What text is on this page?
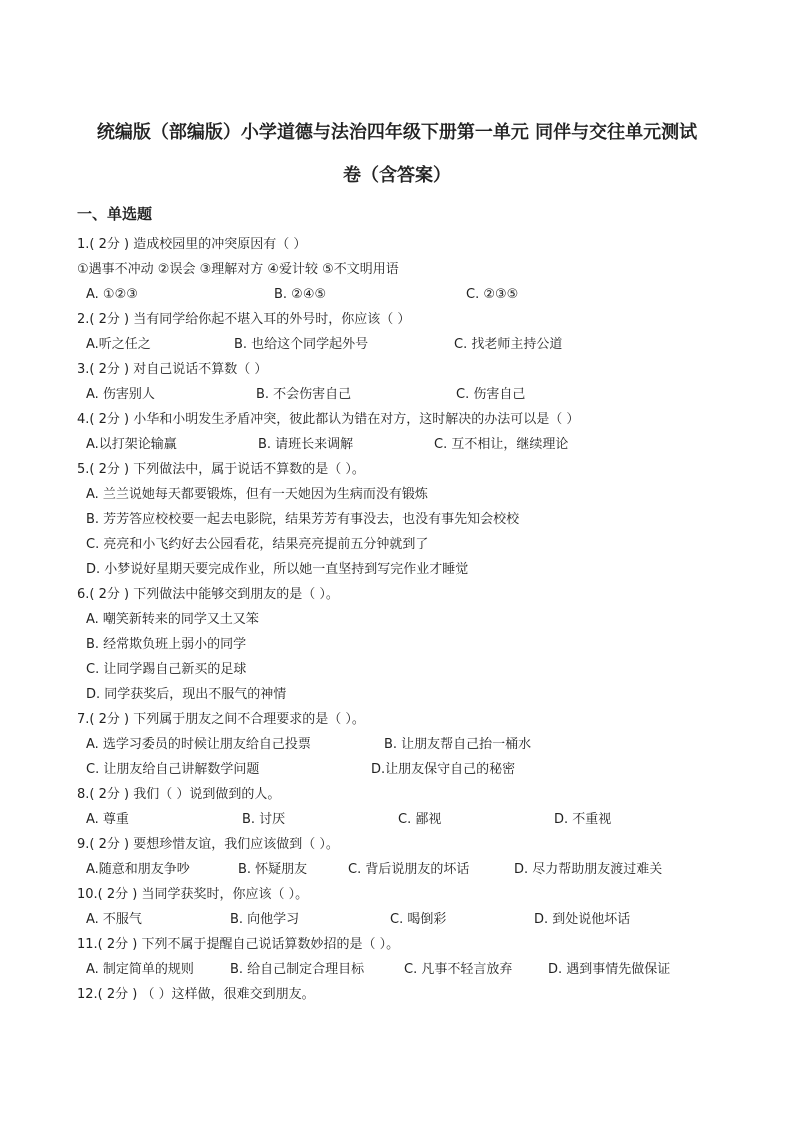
统编版（部编版）小学道德与法治四年级下册第一单元 同伴与交往单元测试
卷（含答案）
一、单选题
1.( 2分 ) 造成校园里的冲突原因有（ ）
①遇事不冲动 ②误会 ③理解对方 ④爱计较 ⑤不文明用语
A. ①②③	B. ②④⑤	C. ②③⑤
2.( 2分 ) 当有同学给你起不堪入耳的外号时，你应该（ ）
A.听之任之	B. 也给这个同学起外号	C. 找老师主持公道
3.( 2分 ) 对自己说话不算数（ ）
A. 伤害别人	B. 不会伤害自己	C. 伤害自己
4.( 2分 ) 小华和小明发生矛盾冲突，彼此都认为错在对方，这时解决的办法可以是（ ）
A.以打架论输赢	B. 请班长来调解	C. 互不相让，继续理论
5.( 2分 ) 下列做法中，属于说话不算数的是（ ）。
A. 兰兰说她每天都要锻炼，但有一天她因为生病而没有锻炼
B. 芳芳答应校校要一起去电影院，结果芳芳有事没去，也没有事先知会校校
C. 亮亮和小飞约好去公园看花，结果亮亮提前五分钟就到了
D. 小梦说好星期天要完成作业，所以她一直坚持到写完作业才睡觉
6.( 2分 ) 下列做法中能够交到朋友的是（ ）。
A. 嘲笑新转来的同学又土又笨
B. 经常欺负班上弱小的同学
C. 让同学踢自己新买的足球
D. 同学获奖后，现出不服气的神情
7.( 2分 ) 下列属于朋友之间不合理要求的是（ ）。
A. 选学习委员的时候让朋友给自己投票	B. 让朋友帮自己抬一桶水
C. 让朋友给自己讲解数学问题	D.让朋友保守自己的秘密
8.( 2分 ) 我们（ ）说到做到的人。
A. 尊重	B. 讨厌	C. 鄙视	D. 不重视
9.( 2分 ) 要想珍惜友谊，我们应该做到（ ）。
A.随意和朋友争吵	B. 怀疑朋友	C. 背后说朋友的坏话	D. 尽力帮助朋友渡过难关
10.( 2分 ) 当同学获奖时，你应该（ ）。
A. 不服气	B. 向他学习	C. 喝倒彩	D. 到处说他坏话
11.( 2分 ) 下列不属于提醒自己说话算数妙招的是（ ）。
A. 制定简单的规则	B. 给自己制定合理目标	C. 凡事不轻言放弃	D. 遇到事情先做保证
12.( 2分 ) （ ）这样做，很难交到朋友。
